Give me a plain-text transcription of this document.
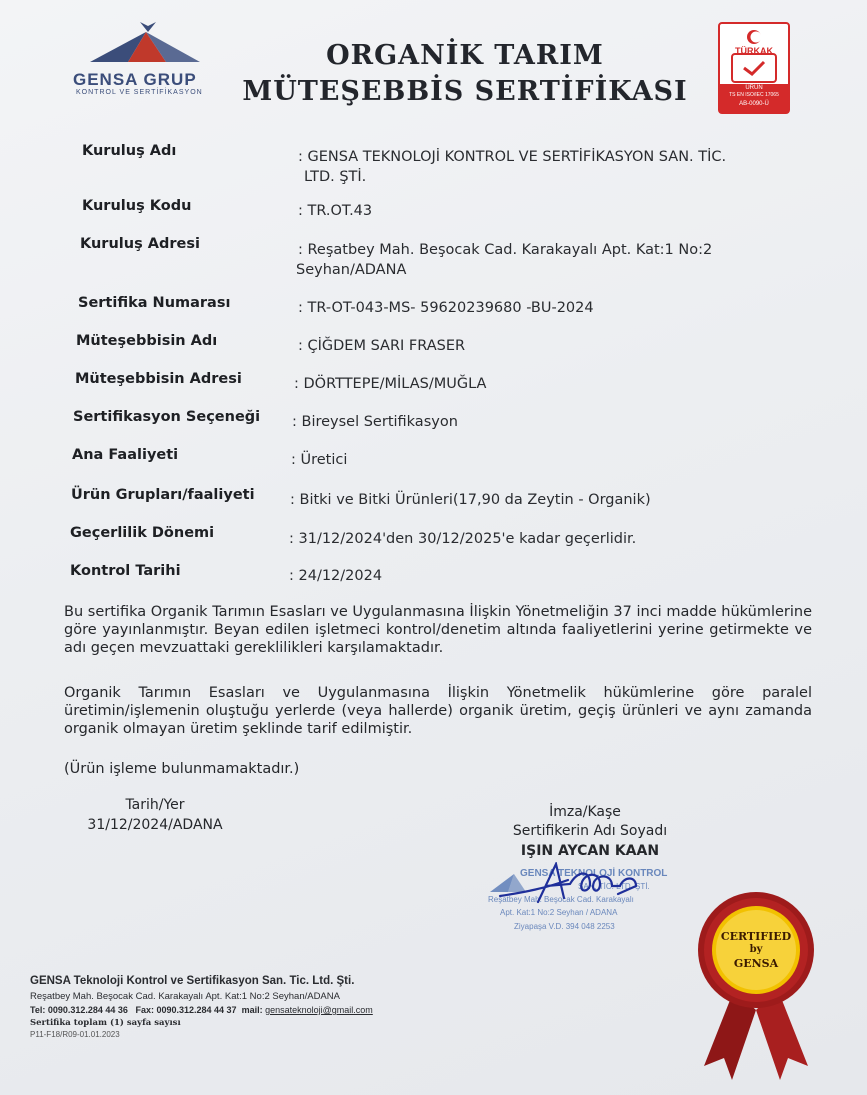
GENSA GRUP
KONTROL VE SERTİFİKASYON
ORGANİK TARIM
MÜTEŞEBBİS SERTİFİKASI
TÜRKAK
ÜRÜN
TS EN ISO/IEC 17065
AB-0090-Ü
Kuruluş Adı	: GENSA TEKNOLOJİ KONTROL VE SERTİFİKASYON SAN. TİC.
LTD. ŞTİ.
Kuruluş Kodu	: TR.OT.43
Kuruluş Adresi	: Reşatbey Mah. Beşocak Cad. Karakayalı Apt. Kat:1 No:2
Seyhan/ADANA
Sertifika Numarası	: TR-OT-043-MS- 59620239680 -BU-2024
Müteşebbisin Adı	: ÇİĞDEM SARI FRASER
Müteşebbisin Adresi	: DÖRTTEPE/MİLAS/MUĞLA
Sertifikasyon Seçeneği : Bireysel Sertifikasyon
Ana Faaliyeti	: Üretici
Ürün Grupları/faaliyeti : Bitki ve Bitki Ürünleri(17,90 da Zeytin - Organik)
Geçerlilik Dönemi	: 31/12/2024'den 30/12/2025'e kadar geçerlidir.
Kontrol Tarihi	: 24/12/2024
Bu sertifika Organik Tarımın Esasları ve Uygulanmasına İlişkin Yönetmeliğin 37 inci madde hükümlerine göre yayınlanmıştır. Beyan edilen işletmeci kontrol/denetim altında faaliyetlerini yerine getirmekte ve adı geçen mevzuattaki gereklilikleri karşılamaktadır.
Organik Tarımın Esasları ve Uygulanmasına İlişkin Yönetmelik hükümlerine göre paralel üretimin/işlemenin oluştuğu yerlerde (veya hallerde) organik üretim, geçiş ürünleri ve aynı zamanda organik olmayan üretim şeklinde tarif edilmiştir.
(Ürün işleme bulunmamaktadır.)
Tarih/Yer
31/12/2024/ADANA
İmza/Kaşe
Sertifikerin Adı Soyadı
IŞIN AYCAN KAAN
GENSA TEKNOLOJİ KONTROL
SAN. TİC. LTD. ŞTİ.
Reşatbey Mah. Beşocak Cad. Karakayalı
Apt. Kat:1 No:2 Seyhan / ADANA
Ziyapaşa V.D. 394 048 2253
CERTIFIED
by
GENSA
GENSA Teknoloji Kontrol ve Sertifikasyon San. Tic. Ltd. Şti.
Reşatbey Mah. Beşocak Cad. Karakayalı Apt. Kat:1 No:2 Seyhan/ADANA
Tel: 0090.312.284 44 36 Fax: 0090.312.284 44 37 mail: gensateknoloji@gmail.com
Sertifika toplam (1) sayfa sayısı
P11-F18/R09-01.01.2023
